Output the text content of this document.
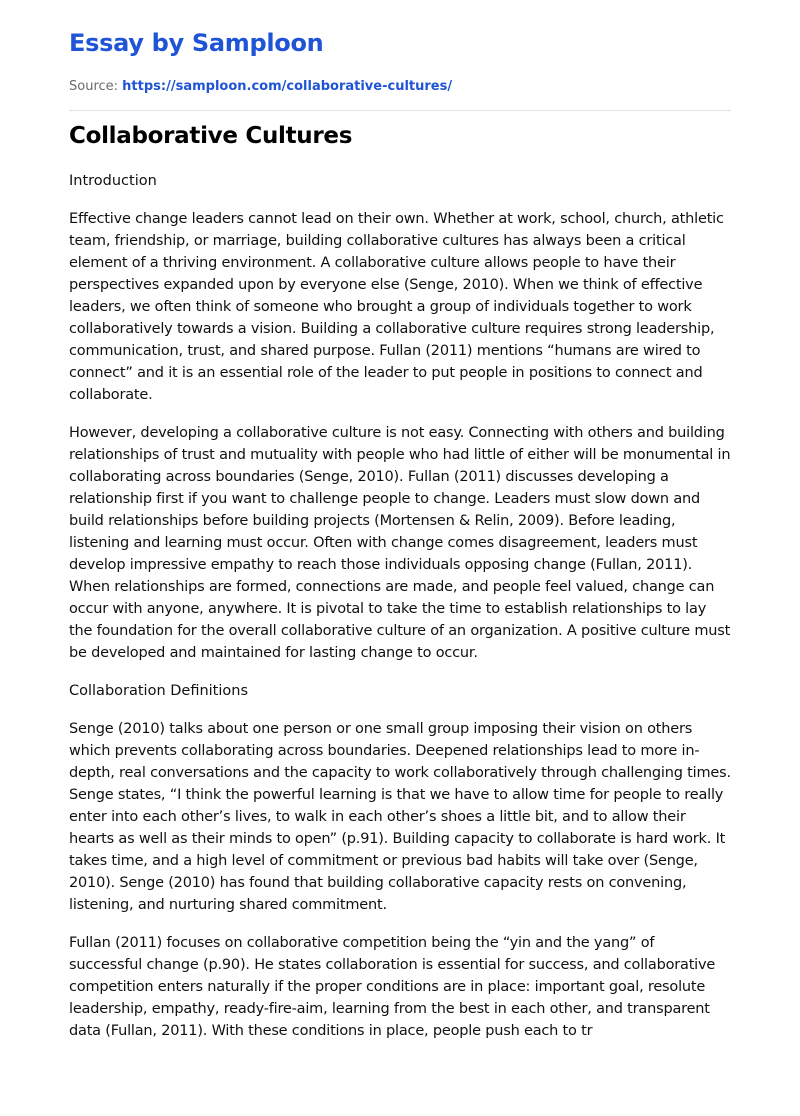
Essay by Samploon
Source: https://samploon.com/collaborative-cultures/
Collaborative Cultures
Introduction

Effective change leaders cannot lead on their own. Whether at work, school, church, athletic team, friendship, or marriage, building collaborative cultures has always been a critical element of a thriving environment. A collaborative culture allows people to have their perspectives expanded upon by everyone else (Senge, 2010). When we think of effective leaders, we often think of someone who brought a group of individuals together to work collaboratively towards a vision. Building a collaborative culture requires strong leadership, communication, trust, and shared purpose. Fullan (2011) mentions “humans are wired to connect” and it is an essential role of the leader to put people in positions to connect and collaborate.

However, developing a collaborative culture is not easy. Connecting with others and building relationships of trust and mutuality with people who had little of either will be monumental in collaborating across boundaries (Senge, 2010). Fullan (2011) discusses developing a relationship first if you want to challenge people to change. Leaders must slow down and build relationships before building projects (Mortensen & Relin, 2009). Before leading, listening and learning must occur. Often with change comes disagreement, leaders must develop impressive empathy to reach those individuals opposing change (Fullan, 2011). When relationships are formed, connections are made, and people feel valued, change can occur with anyone, anywhere. It is pivotal to take the time to establish relationships to lay the foundation for the overall collaborative culture of an organization. A positive culture must be developed and maintained for lasting change to occur.

Collaboration Definitions

Senge (2010) talks about one person or one small group imposing their vision on others which prevents collaborating across boundaries. Deepened relationships lead to more in-depth, real conversations and the capacity to work collaboratively through challenging times. Senge states, “I think the powerful learning is that we have to allow time for people to really enter into each other’s lives, to walk in each other’s shoes a little bit, and to allow their hearts as well as their minds to open” (p.91). Building capacity to collaborate is hard work. It takes time, and a high level of commitment or previous bad habits will take over (Senge, 2010). Senge (2010) has found that building collaborative capacity rests on convening, listening, and nurturing shared commitment.

Fullan (2011) focuses on collaborative competition being the “yin and the yang” of successful change (p.90). He states collaboration is essential for success, and collaborative competition enters naturally if the proper conditions are in place: important goal, resolute leadership, empathy, ready-fire-aim, learning from the best in each other, and transparent data (Fullan, 2011). With these conditions in place, people push each to tr
